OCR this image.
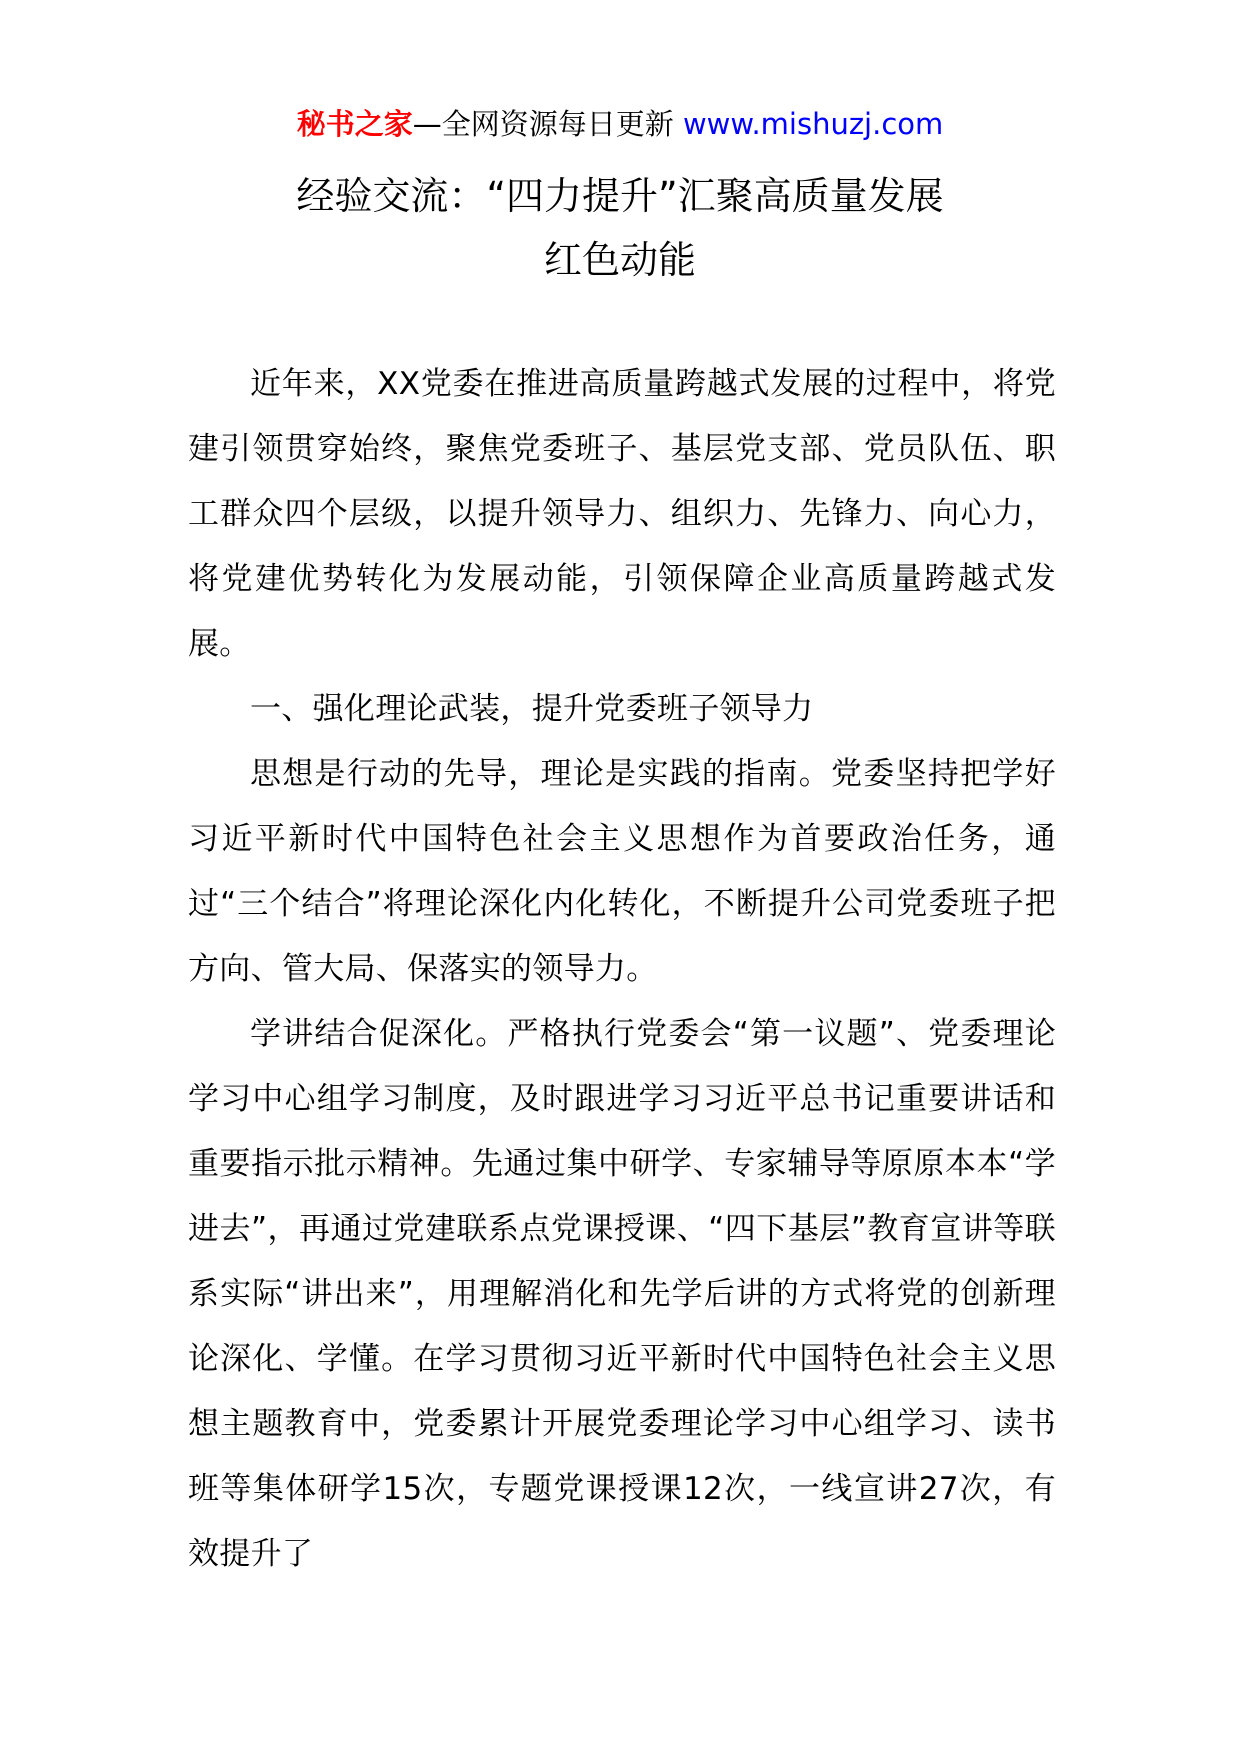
秘书之家—全网资源每日更新 www.mishuzj.com
经验交流：“四力提升”汇聚高质量发展
红色动能

近年来，XX党委在推进高质量跨越式发展的过程中，将党建引领贯穿始终，聚焦党委班子、基层党支部、党员队伍、职工群众四个层级，以提升领导力、组织力、先锋力、向心力，将党建优势转化为发展动能，引领保障企业高质量跨越式发展。

一、强化理论武装，提升党委班子领导力

思想是行动的先导，理论是实践的指南。党委坚持把学好习近平新时代中国特色社会主义思想作为首要政治任务，通过“三个结合”将理论深化内化转化，不断提升公司党委班子把方向、管大局、保落实的领导力。

学讲结合促深化。严格执行党委会“第一议题”、党委理论学习中心组学习制度，及时跟进学习习近平总书记重要讲话和重要指示批示精神。先通过集中研学、专家辅导等原原本本“学进去”，再通过党建联系点党课授课、“四下基层”教育宣讲等联系实际“讲出来”，用理解消化和先学后讲的方式将党的创新理论深化、学懂。在学习贯彻习近平新时代中国特色社会主义思想主题教育中，党委累计开展党委理论学习中心组学习、读书班等集体研学15次，专题党课授课12次，一线宣讲27次，有效提升了
